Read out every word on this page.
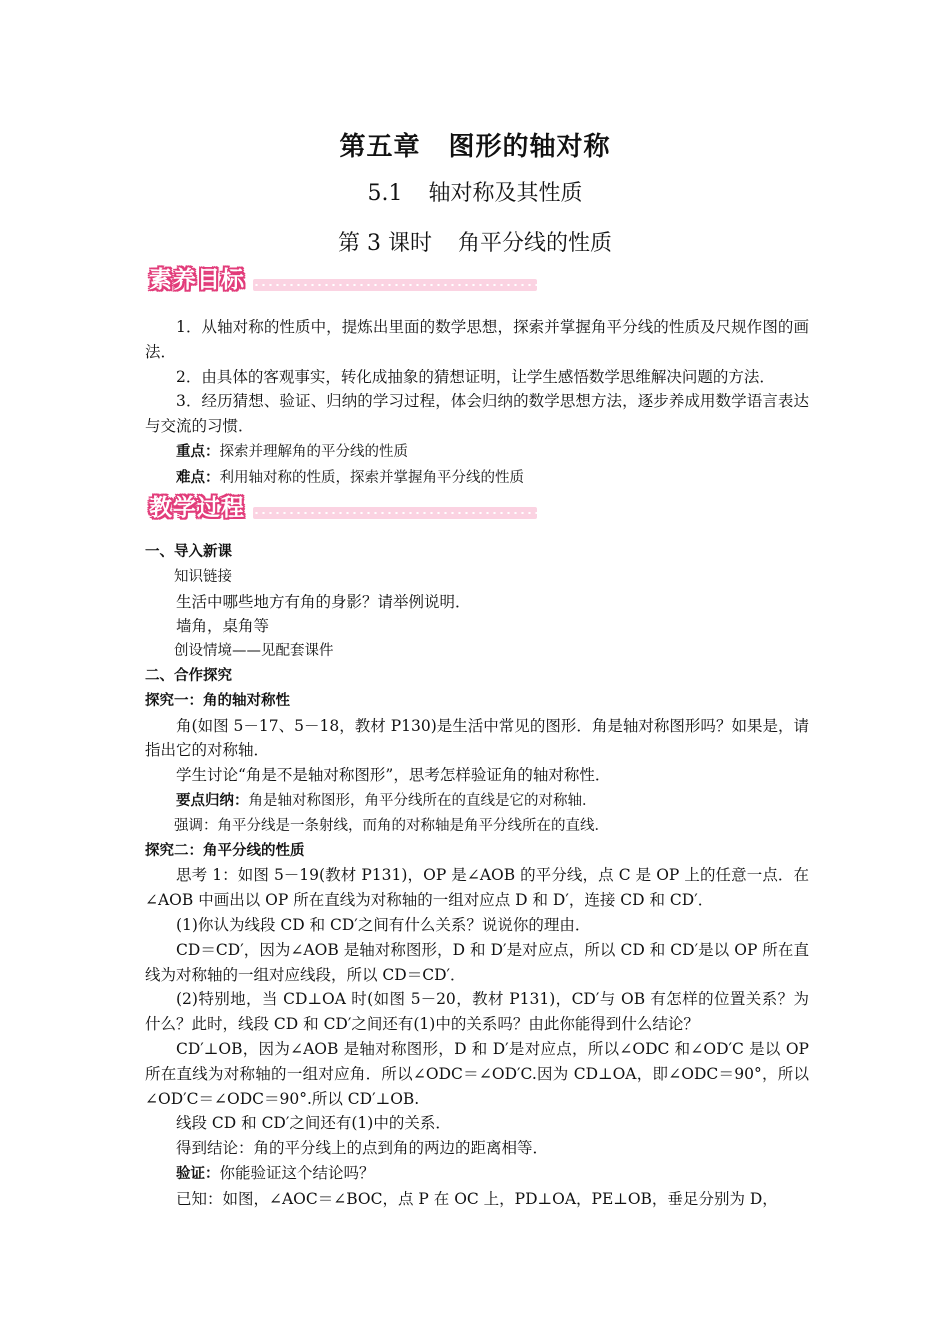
第五章 图形的轴对称
5.1 轴对称及其性质
第 3 课时 角平分线的性质
素养目标

1．从轴对称的性质中，提炼出里面的数学思想，探索并掌握角平分线的性质及尺规作图的画法．

2．由具体的客观事实，转化成抽象的猜想证明，让学生感悟数学思维解决问题的方法．

3．经历猜想、验证、归纳的学习过程，体会归纳的数学思想方法，逐步养成用数学语言表达与交流的习惯．

重点：探索并理解角的平分线的性质

难点：利用轴对称的性质，探索并掌握角平分线的性质

教学过程

一、导入新课

知识链接

生活中哪些地方有角的身影？请举例说明．

墙角，桌角等

创设情境——见配套课件

二、合作探究

探究一：角的轴对称性

角(如图 5－17、5－18，教材 P130)是生活中常见的图形．角是轴对称图形吗？如果是，请指出它的对称轴．

学生讨论“角是不是轴对称图形”，思考怎样验证角的轴对称性．

要点归纳：角是轴对称图形，角平分线所在的直线是它的对称轴．

强调：角平分线是一条射线，而角的对称轴是角平分线所在的直线．

探究二：角平分线的性质

思考 1：如图 5－19(教材 P131)，OP 是∠AOB 的平分线，点 C 是 OP 上的任意一点．在∠AOB 中画出以 OP 所在直线为对称轴的一组对应点 D 和 D′，连接 CD 和 CD′．

(1)你认为线段 CD 和 CD′之间有什么关系？说说你的理由．

CD＝CD′，因为∠AOB 是轴对称图形，D 和 D′是对应点，所以 CD 和 CD′是以 OP 所在直线为对称轴的一组对应线段，所以 CD＝CD′．

(2)特别地，当 CD⊥OA 时(如图 5－20，教材 P131)，CD′与 OB 有怎样的位置关系？为什么？此时，线段 CD 和 CD′之间还有(1)中的关系吗？由此你能得到什么结论？

CD′⊥OB，因为∠AOB 是轴对称图形，D 和 D′是对应点，所以∠ODC 和∠OD′C 是以 OP 所在直线为对称轴的一组对应角．所以∠ODC＝∠OD′C.因为 CD⊥OA，即∠ODC＝90°，所以∠OD′C＝∠ODC＝90°.所以 CD′⊥OB.

线段 CD 和 CD′之间还有(1)中的关系．

得到结论：角的平分线上的点到角的两边的距离相等．

验证：你能验证这个结论吗？

已知：如图，∠AOC＝∠BOC，点 P 在 OC 上，PD⊥OA，PE⊥OB，垂足分别为 D，
